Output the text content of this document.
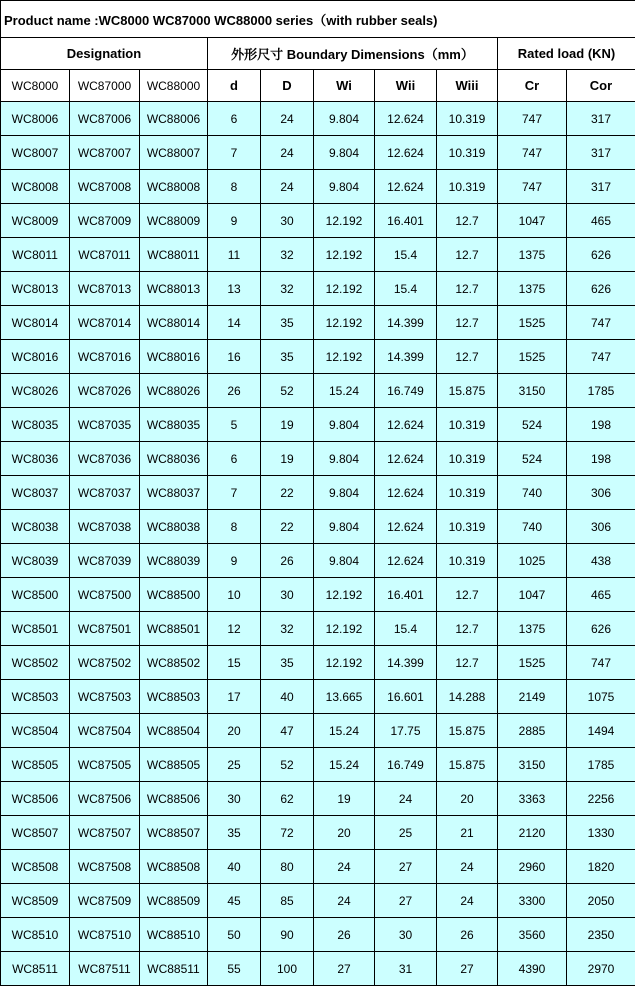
Product name :WC8000 WC87000 WC88000 series（with rubber seals)									
Designation			外形尺寸 Boundary Dimensions（mm）					Rated load (KN)	
WC8000	WC87000	WC88000	d	D	Wi	Wii	Wiii	Cr	Cor
WC8006	WC87006	WC88006	6	24	9.804	12.624	10.319	747	317
WC8007	WC87007	WC88007	7	24	9.804	12.624	10.319	747	317
WC8008	WC87008	WC88008	8	24	9.804	12.624	10.319	747	317
WC8009	WC87009	WC88009	9	30	12.192	16.401	12.7	1047	465
WC8011	WC87011	WC88011	11	32	12.192	15.4	12.7	1375	626
WC8013	WC87013	WC88013	13	32	12.192	15.4	12.7	1375	626
WC8014	WC87014	WC88014	14	35	12.192	14.399	12.7	1525	747
WC8016	WC87016	WC88016	16	35	12.192	14.399	12.7	1525	747
WC8026	WC87026	WC88026	26	52	15.24	16.749	15.875	3150	1785
WC8035	WC87035	WC88035	5	19	9.804	12.624	10.319	524	198
WC8036	WC87036	WC88036	6	19	9.804	12.624	10.319	524	198
WC8037	WC87037	WC88037	7	22	9.804	12.624	10.319	740	306
WC8038	WC87038	WC88038	8	22	9.804	12.624	10.319	740	306
WC8039	WC87039	WC88039	9	26	9.804	12.624	10.319	1025	438
WC8500	WC87500	WC88500	10	30	12.192	16.401	12.7	1047	465
WC8501	WC87501	WC88501	12	32	12.192	15.4	12.7	1375	626
WC8502	WC87502	WC88502	15	35	12.192	14.399	12.7	1525	747
WC8503	WC87503	WC88503	17	40	13.665	16.601	14.288	2149	1075
WC8504	WC87504	WC88504	20	47	15.24	17.75	15.875	2885	1494
WC8505	WC87505	WC88505	25	52	15.24	16.749	15.875	3150	1785
WC8506	WC87506	WC88506	30	62	19	24	20	3363	2256
WC8507	WC87507	WC88507	35	72	20	25	21	2120	1330
WC8508	WC87508	WC88508	40	80	24	27	24	2960	1820
WC8509	WC87509	WC88509	45	85	24	27	24	3300	2050
WC8510	WC87510	WC88510	50	90	26	30	26	3560	2350
WC8511	WC87511	WC88511	55	100	27	31	27	4390	2970
